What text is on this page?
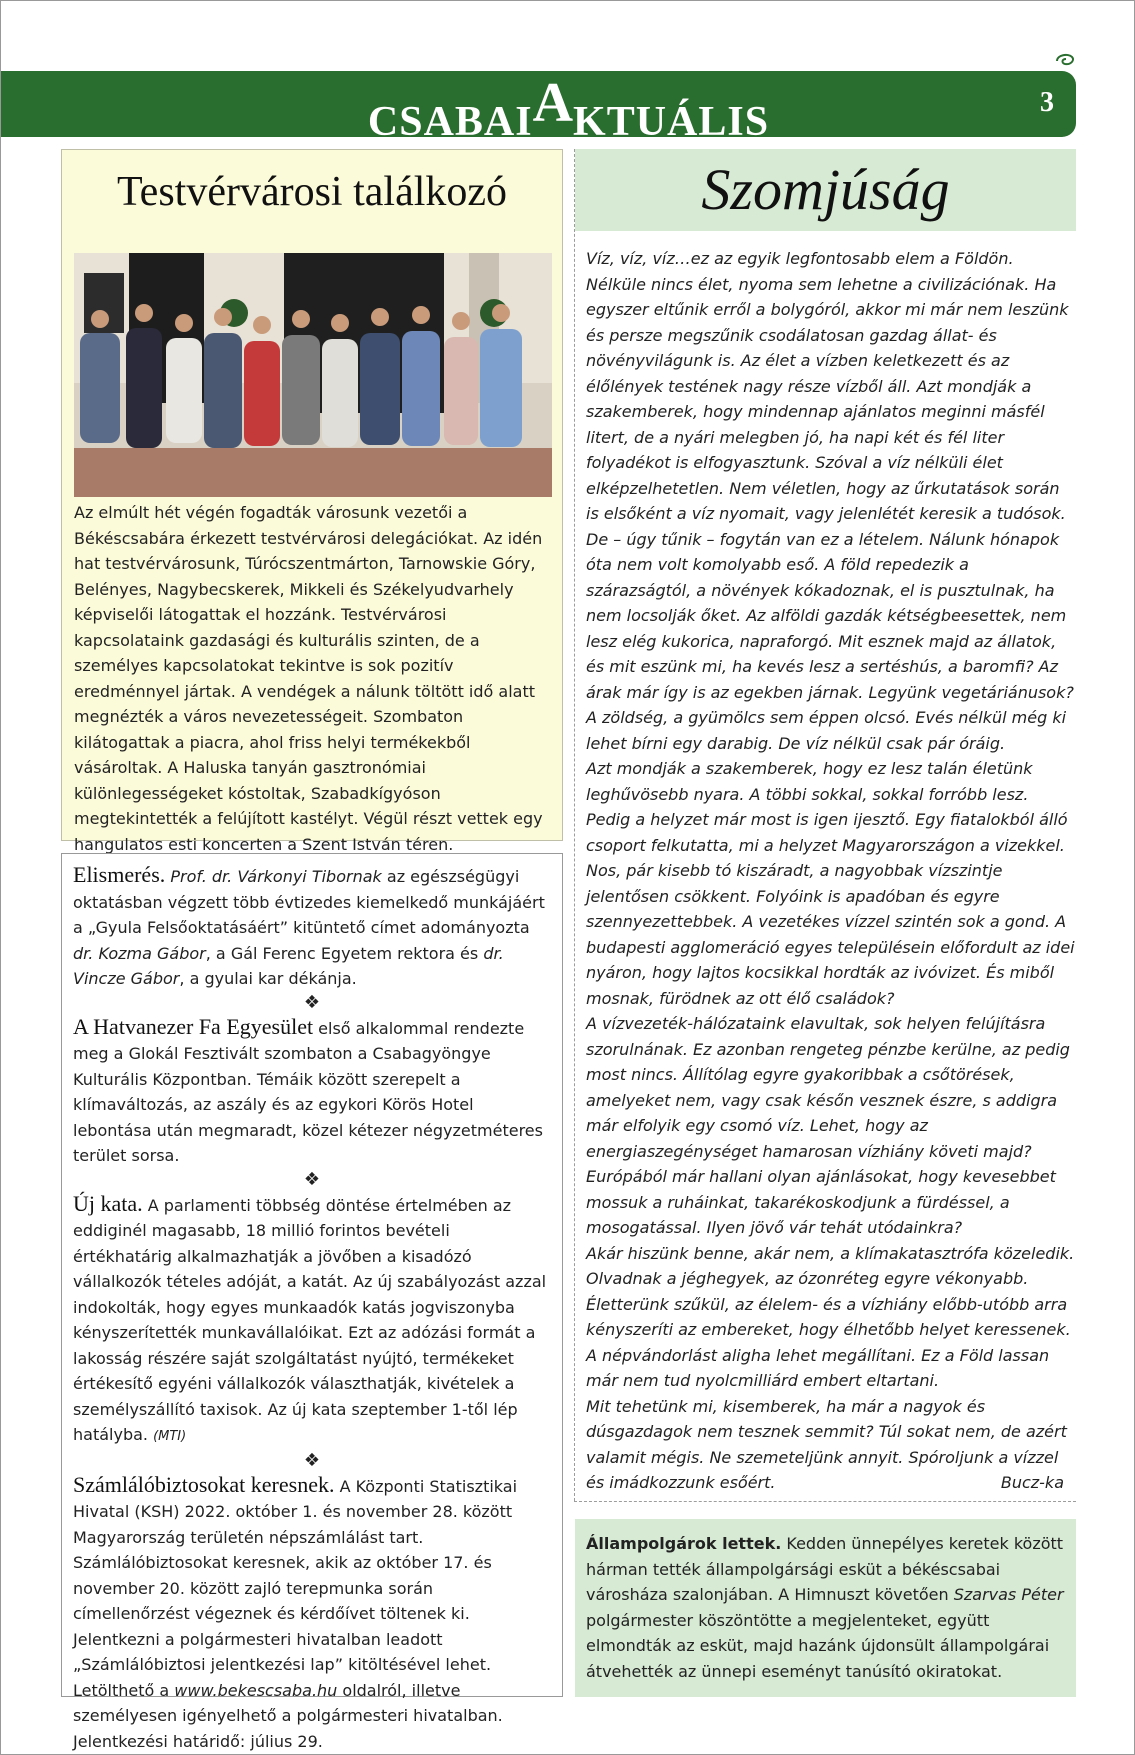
CSABAIAKTUÁLIS	3
Testvérvárosi találkozó
Az elmúlt hét végén fogadták városunk vezetői a Békéscsabára érkezett testvérvárosi delegációkat. Az idén hat testvérvárosunk, Túrócszentmárton, Tarnowskie Góry, Belényes, Nagybecskerek, Mikkeli és Székelyudvarhely képviselői látogattak el hozzánk. Testvérvárosi kapcsolataink gazdasági és kulturális szinten, de a személyes kapcsolatokat tekintve is sok pozitív eredménnyel jártak. A vendégek a nálunk töltött idő alatt megnézték a város nevezetességeit. Szombaton kilátogattak a piacra, ahol friss helyi termékekből vásároltak. A Haluska tanyán gasztronómiai különlegességeket kóstoltak, Szabadkígyóson megtekintették a felújított kastélyt. Végül részt vettek egy hangulatos esti koncerten a Szent István téren.

Elismerés. Prof. dr. Várkonyi Tibornak az egészségügyi oktatásban végzett több évtizedes kiemelkedő munkájáért a „Gyula Felsőoktatásáért” kitüntető címet adományozta dr. Kozma Gábor, a Gál Ferenc Egyetem rektora és dr. Vincze Gábor, a gyulai kar dékánja.

❖

A Hatvanezer Fa Egyesület első alkalommal rendezte meg a Glokál Fesztivált szombaton a Csabagyöngye Kulturális Központban. Témáik között szerepelt a klímaváltozás, az aszály és az egykori Körös Hotel lebontása után megmaradt, közel kétezer négyzetméteres terület sorsa.

❖

Új kata. A parlamenti többség döntése értelmében az eddiginél magasabb, 18 millió forintos bevételi értékhatárig alkalmazhatják a jövőben a kisadózó vállalkozók tételes adóját, a katát. Az új szabályozást azzal indokolták, hogy egyes munkaadók katás jogviszonyba kényszerítették munkavállalóikat. Ezt az adózási formát a lakosság részére saját szolgáltatást nyújtó, termékeket értékesítő egyéni vállalkozók választhatják, kivételek a személyszállító taxisok. Az új kata szeptember 1-től lép hatályba. (MTI)

❖

Számlálóbiztosokat keresnek. A Központi Statisztikai Hivatal (KSH) 2022. október 1. és november 28. között Magyarország területén népszámlálást tart. Számlálóbiztosokat keresnek, akik az október 17. és november 20. között zajló terepmunka során címellenőrzést végeznek és kérdőívet töltenek ki. Jelentkezni a polgármesteri hivatalban leadott „Számlálóbiztosi jelentkezési lap” kitöltésével lehet. Letölthető a www.bekescsaba.hu oldalról, illetve személyesen igényelhető a polgármesteri hivatalban. Jelentkezési határidő: július 29.

Szomjúság
Víz, víz, víz…ez az egyik legfontosabb elem a Földön. Nélküle nincs élet, nyoma sem lehetne a civilizációnak. Ha egyszer eltűnik erről a bolygóról, akkor mi már nem leszünk és persze megszűnik csodálatosan gazdag állat- és növényvilágunk is. Az élet a vízben keletkezett és az élőlények testének nagy része vízből áll. Azt mondják a szakemberek, hogy mindennap ajánlatos meginni másfél litert, de a nyári melegben jó, ha napi két és fél liter folyadékot is elfogyasztunk. Szóval a víz nélküli élet elképzelhetetlen. Nem véletlen, hogy az űrkutatások során is elsőként a víz nyomait, vagy jelenlétét keresik a tudósok. De – úgy tűnik – fogytán van ez a lételem. Nálunk hónapok óta nem volt komolyabb eső. A föld repedezik a szárazságtól, a növények kókadoznak, el is pusztulnak, ha nem locsolják őket. Az alföldi gazdák kétségbeesettek, nem lesz elég kukorica, napraforgó. Mit esznek majd az állatok, és mit eszünk mi, ha kevés lesz a sertéshús, a baromfi? Az árak már így is az egekben járnak. Legyünk vegetáriánusok? A zöldség, a gyümölcs sem éppen olcsó. Evés nélkül még ki lehet bírni egy darabig. De víz nélkül csak pár óráig.
Azt mondják a szakemberek, hogy ez lesz talán életünk leghűvösebb nyara. A többi sokkal, sokkal forróbb lesz. Pedig a helyzet már most is igen ijesztő. Egy fiatalokból álló csoport felkutatta, mi a helyzet Magyarországon a vizekkel. Nos, pár kisebb tó kiszáradt, a nagyobbak vízszintje jelentősen csökkent. Folyóink is apadóban és egyre szennyezettebbek. A vezetékes vízzel szintén sok a gond. A budapesti agglomeráció egyes településein előfordult az idei nyáron, hogy lajtos kocsikkal hordták az ivóvizet. És miből mosnak, fürödnek az ott élő családok?
A vízvezeték-hálózataink elavultak, sok helyen felújításra szorulnának. Ez azonban rengeteg pénzbe kerülne, az pedig most nincs. Állítólag egyre gyakoribbak a csőtörések, amelyeket nem, vagy csak későn vesznek észre, s addigra már elfolyik egy csomó víz. Lehet, hogy az energiaszegénységet hamarosan vízhiány követi majd? Európából már hallani olyan ajánlásokat, hogy kevesebbet mossuk a ruháinkat, takarékoskodjunk a fürdéssel, a mosogatással. Ilyen jövő vár tehát utódainkra?
Akár hiszünk benne, akár nem, a klímakatasztrófa közeledik. Olvadnak a jéghegyek, az ózonréteg egyre vékonyabb. Életterünk szűkül, az élelem- és a vízhiány előbb-utóbb arra kényszeríti az embereket, hogy élhetőbb helyet keressenek. A népvándorlást aligha lehet megállítani. Ez a Föld lassan már nem tud nyolcmilliárd embert eltartani.
Mit tehetünk mi, kisemberek, ha már a nagyok és dúsgazdagok nem tesznek semmit? Túl sokat nem, de azért valamit mégis. Ne szemeteljünk annyit. Spóroljunk a vízzel és imádkozzunk esőért.	Bucz-ka
Állampolgárok lettek. Kedden ünnepélyes keretek között hárman tették állampolgársági esküt a békéscsabai városháza szalonjában. A Himnuszt követően Szarvas Péter polgármester köszöntötte a megjelenteket, együtt elmondták az esküt, majd hazánk újdonsült állampolgárai átvehették az ünnepi eseményt tanúsító okiratokat.
